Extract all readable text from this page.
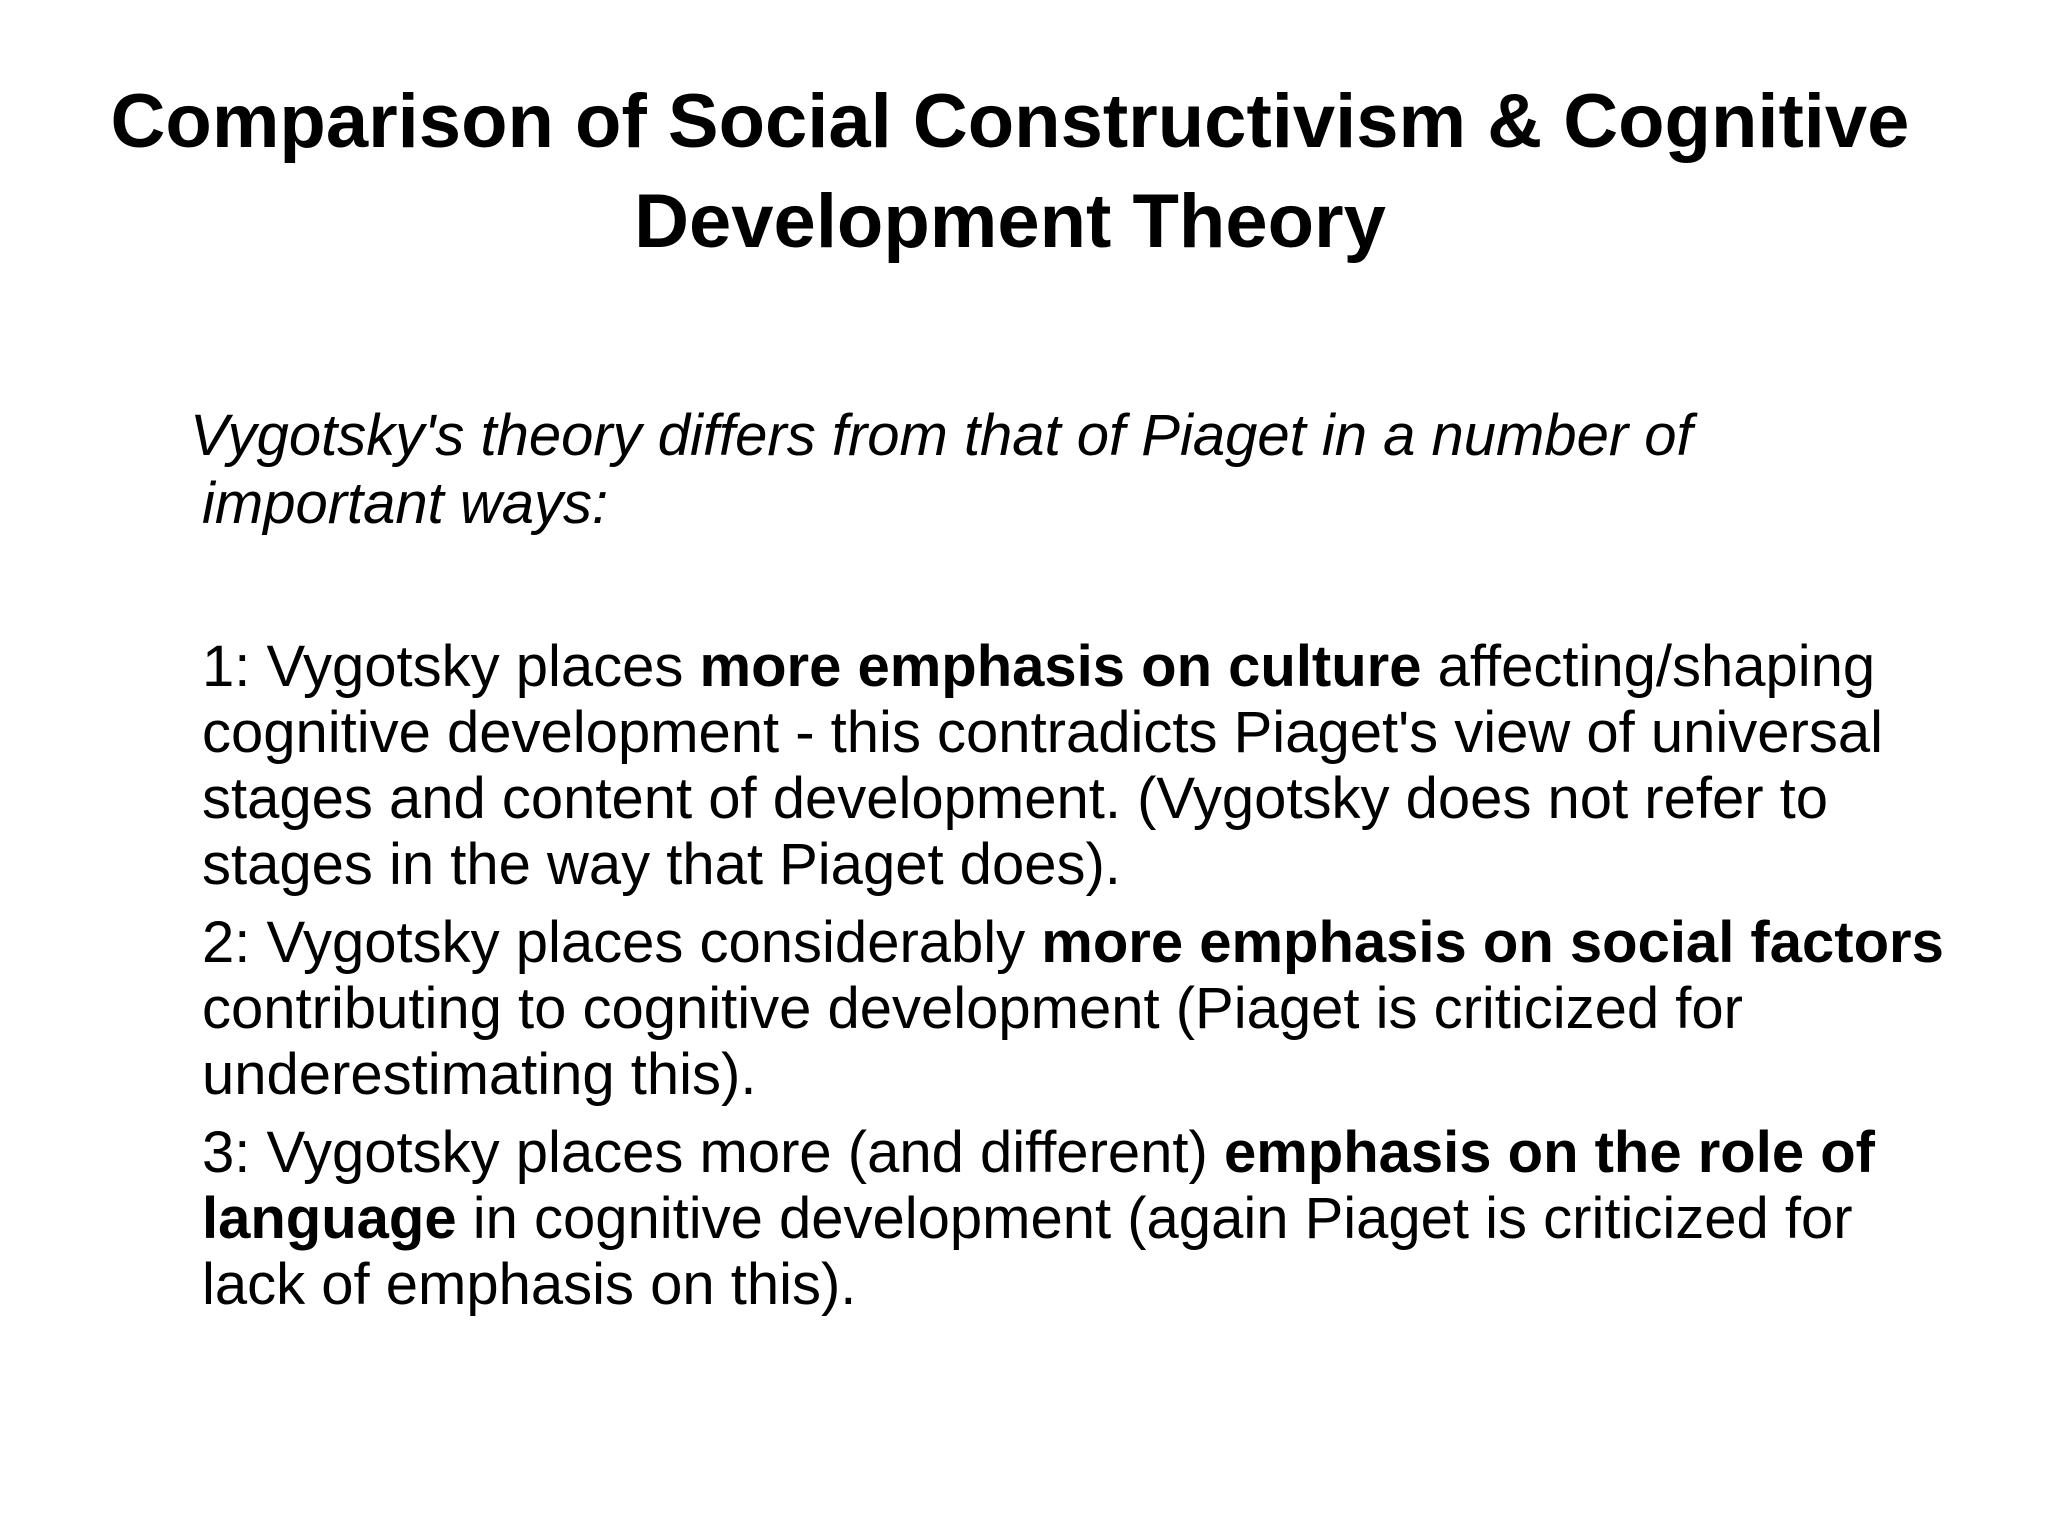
Comparison of Social Constructivism & Cognitive
Development Theory
Vygotsky's theory differs from that of Piaget in a number of
important ways:
1: Vygotsky places more emphasis on culture affecting/shaping cognitive development - this contradicts Piaget's view of universal stages and content of development. (Vygotsky does not refer to stages in the way that Piaget does).
2: Vygotsky places considerably more emphasis on social factors contributing to cognitive development (Piaget is criticized for underestimating this).
3: Vygotsky places more (and different) emphasis on the role of language in cognitive development (again Piaget is criticized for lack of emphasis on this).
